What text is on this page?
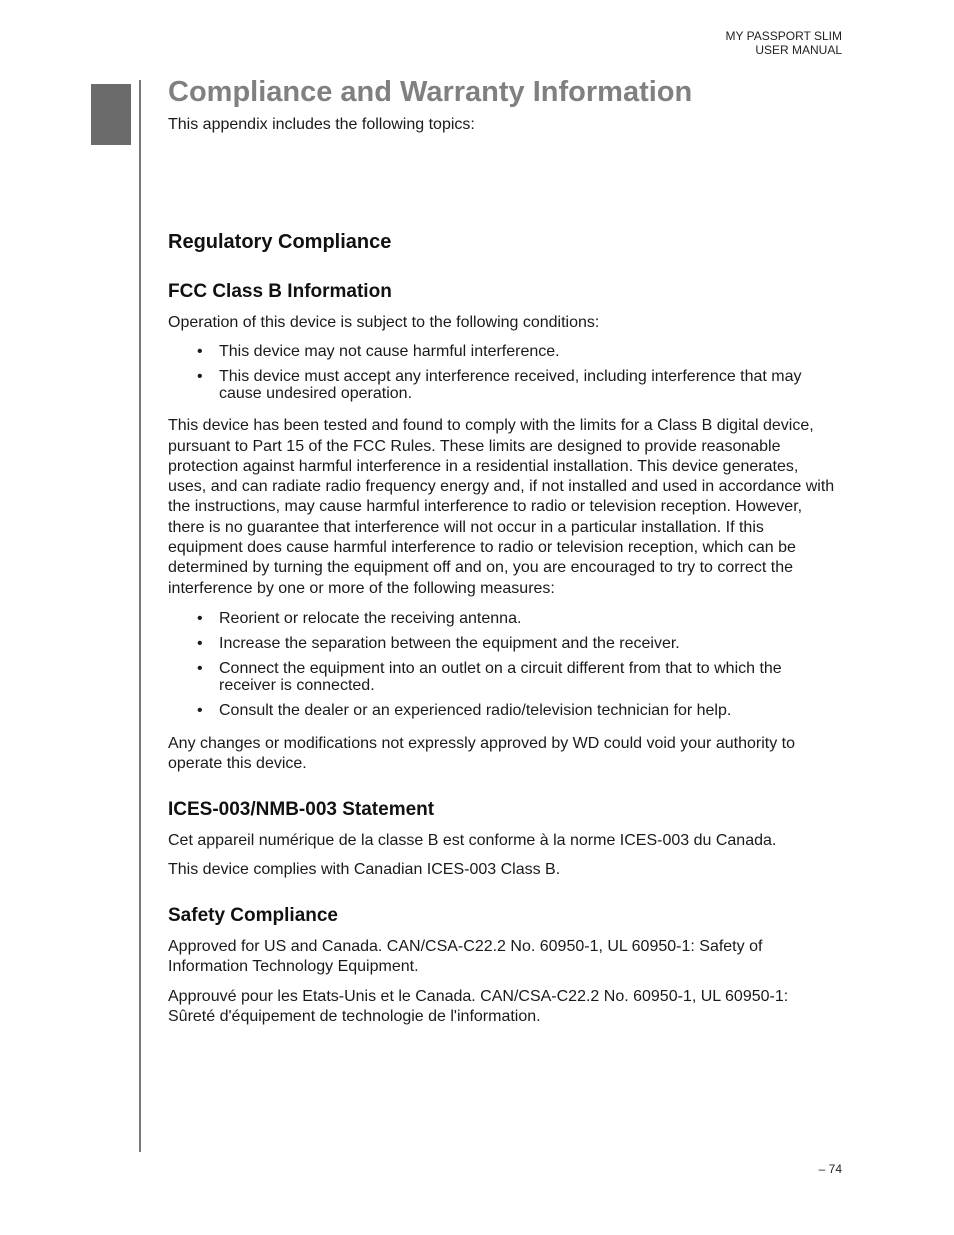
MY PASSPORT SLIM
USER MANUAL
Compliance and Warranty Information

This appendix includes the following topics:

Regulatory Compliance
FCC Class B Information

Operation of this device is subject to the following conditions:

• This device may not cause harmful interference.
• This device must accept any interference received, including interference that may cause undesired operation.

This device has been tested and found to comply with the limits for a Class B digital device, pursuant to Part 15 of the FCC Rules. These limits are designed to provide reasonable protection against harmful interference in a residential installation. This device generates, uses, and can radiate radio frequency energy and, if not installed and used in accordance with the instructions, may cause harmful interference to radio or television reception. However, there is no guarantee that interference will not occur in a particular installation. If this equipment does cause harmful interference to radio or television reception, which can be determined by turning the equipment off and on, you are encouraged to try to correct the interference by one or more of the following measures:

• Reorient or relocate the receiving antenna.
• Increase the separation between the equipment and the receiver.
• Connect the equipment into an outlet on a circuit different from that to which the receiver is connected.
• Consult the dealer or an experienced radio/television technician for help.

Any changes or modifications not expressly approved by WD could void your authority to operate this device.

ICES-003/NMB-003 Statement

Cet appareil numérique de la classe B est conforme à la norme ICES-003 du Canada.

This device complies with Canadian ICES-003 Class B.

Safety Compliance

Approved for US and Canada. CAN/CSA-C22.2 No. 60950-1, UL 60950-1: Safety of Information Technology Equipment.

Approuvé pour les Etats-Unis et le Canada. CAN/CSA-C22.2 No. 60950-1, UL 60950-1: Sûreté d'équipement de technologie de l'information.

– 74
